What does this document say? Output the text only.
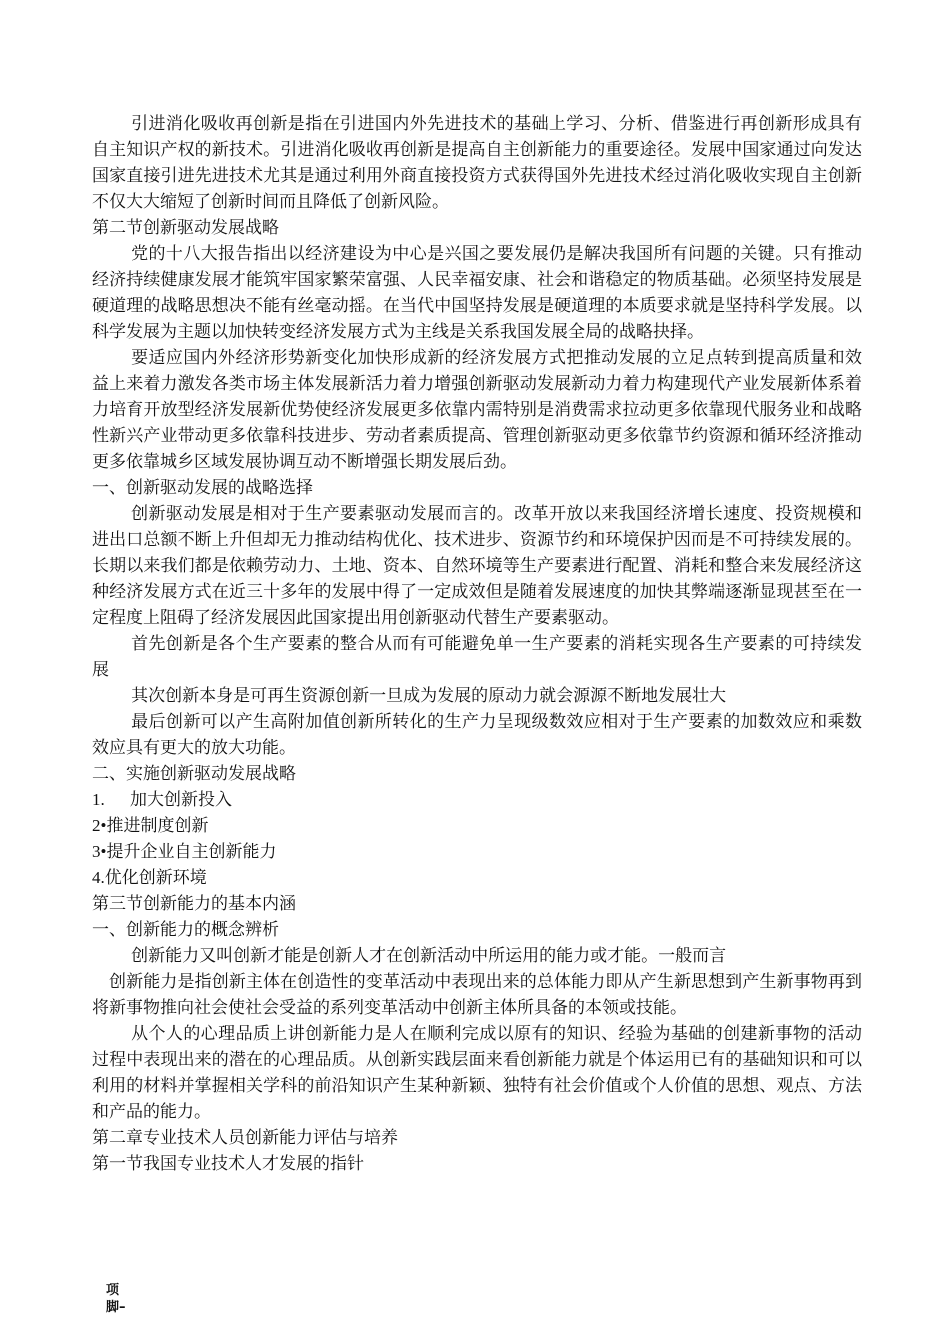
引进消化吸收再创新是指在引进国内外先进技术的基础上学习、分析、借鉴进行再创新形成具有自主知识产权的新技术。引进消化吸收再创新是提高自主创新能力的重要途径。发展中国家通过向发达国家直接引进先进技术尤其是通过利用外商直接投资方式获得国外先进技术经过消化吸收实现自主创新不仅大大缩短了创新时间而且降低了创新风险。

第二节创新驱动发展战略

党的十八大报告指出以经济建设为中心是兴国之要发展仍是解决我国所有问题的关键。只有推动经济持续健康发展才能筑牢国家繁荣富强、人民幸福安康、社会和谐稳定的物质基础。必须坚持发展是硬道理的战略思想决不能有丝毫动摇。在当代中国坚持发展是硬道理的本质要求就是坚持科学发展。以科学发展为主题以加快转变经济发展方式为主线是关系我国发展全局的战略抉择。

要适应国内外经济形势新变化加快形成新的经济发展方式把推动发展的立足点转到提高质量和效益上来着力激发各类市场主体发展新活力着力增强创新驱动发展新动力着力构建现代产业发展新体系着力培育开放型经济发展新优势使经济发展更多依靠内需特别是消费需求拉动更多依靠现代服务业和战略性新兴产业带动更多依靠科技进步、劳动者素质提高、管理创新驱动更多依靠节约资源和循环经济推动更多依靠城乡区域发展协调互动不断增强长期发展后劲。

一、创新驱动发展的战略选择

创新驱动发展是相对于生产要素驱动发展而言的。改革开放以来我国经济增长速度、投资规模和进出口总额不断上升但却无力推动结构优化、技术进步、资源节约和环境保护因而是不可持续发展的。长期以来我们都是依赖劳动力、土地、资本、自然环境等生产要素进行配置、消耗和整合来发展经济这种经济发展方式在近三十多年的发展中得了一定成效但是随着发展速度的加快其弊端逐渐显现甚至在一定程度上阻碍了经济发展因此国家提出用创新驱动代替生产要素驱动。

首先创新是各个生产要素的整合从而有可能避免单一生产要素的消耗实现各生产要素的可持续发展

其次创新本身是可再生资源创新一旦成为发展的原动力就会源源不断地发展壮大

最后创新可以产生高附加值创新所转化的生产力呈现级数效应相对于生产要素的加数效应和乘数效应具有更大的放大功能。

二、实施创新驱动发展战略

1. 加大创新投入

2•推进制度创新

3•提升企业自主创新能力

4.优化创新环境

第三节创新能力的基本内涵

一、创新能力的概念辨析

创新能力又叫创新才能是创新人才在创新活动中所运用的能力或才能。一般而言

创新能力是指创新主体在创造性的变革活动中表现出来的总体能力即从产生新思想到产生新事物再到将新事物推向社会使社会受益的系列变革活动中创新主体所具备的本领或技能。

从个人的心理品质上讲创新能力是人在顺利完成以原有的知识、经验为基础的创建新事物的活动过程中表现出来的潜在的心理品质。从创新实践层面来看创新能力就是个体运用已有的基础知识和可以利用的材料并掌握相关学科的前沿知识产生某种新颖、独特有社会价值或个人价值的思想、观点、方法和产品的能力。

第二章专业技术人员创新能力评估与培养

第一节我国专业技术人才发展的指针

项
脚–
